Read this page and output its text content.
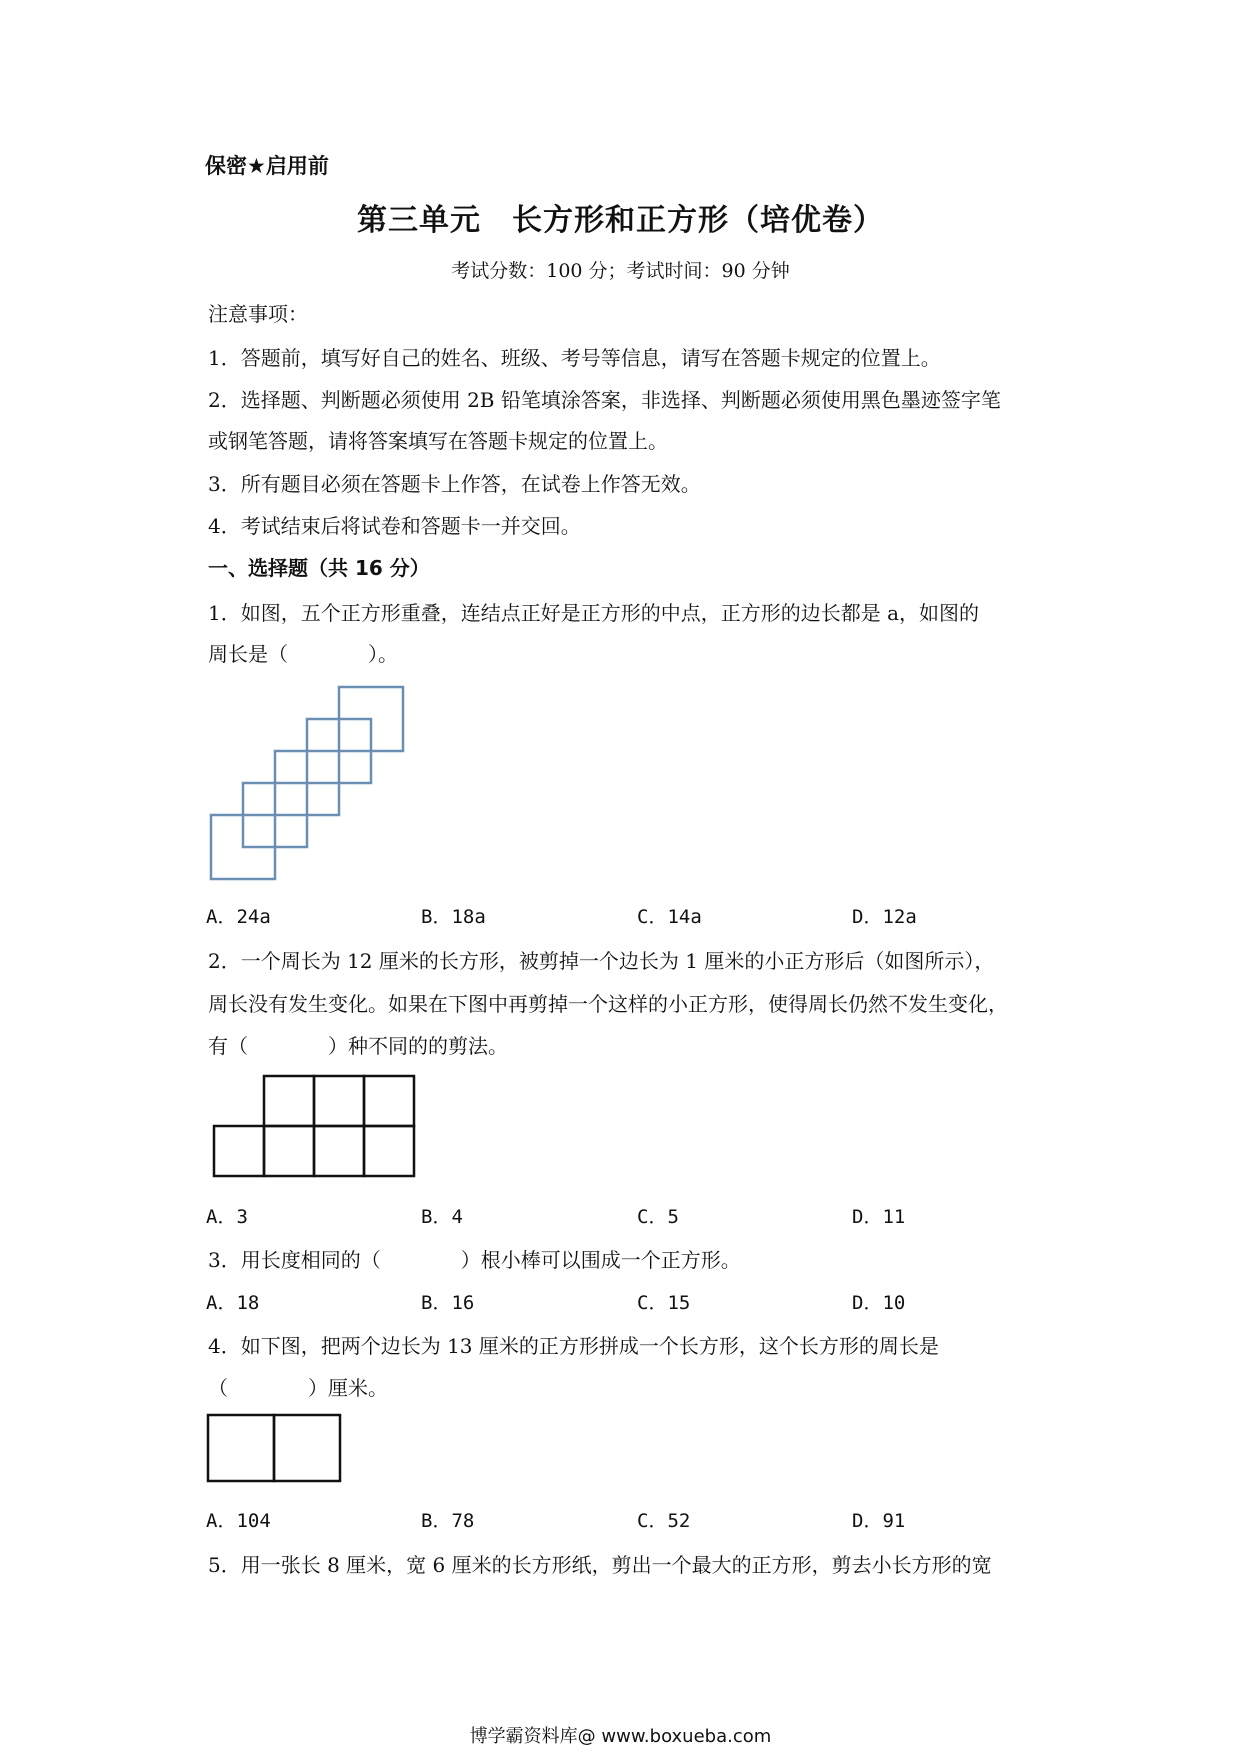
保密★启用前
第三单元　长方形和正方形（培优卷）
考试分数：100 分；考试时间：90 分钟
注意事项：
1．答题前，填写好自己的姓名、班级、考号等信息，请写在答题卡规定的位置上。
2．选择题、判断题必须使用 2B 铅笔填涂答案，非选择、判断题必须使用黑色墨迹签字笔
或钢笔答题，请将答案填写在答题卡规定的位置上。
3．所有题目必须在答题卡上作答，在试卷上作答无效。
4．考试结束后将试卷和答题卡一并交回。
一、选择题（共 16 分）
1．如图，五个正方形重叠，连结点正好是正方形的中点，正方形的边长都是 a，如图的
周长是（　　　　）。
A．24a	B．18a	C．14a	D．12a
2．一个周长为 12 厘米的长方形，被剪掉一个边长为 1 厘米的小正方形后（如图所示），
周长没有发生变化。如果在下图中再剪掉一个这样的小正方形，使得周长仍然不发生变化，
有（　　　　）种不同的的剪法。
A．3	B．4	C．5	D．11
3．用长度相同的（　　　　）根小棒可以围成一个正方形。
A．18	B．16	C．15	D．10
4．如下图，把两个边长为 13 厘米的正方形拼成一个长方形，这个长方形的周长是
（　　　　）厘米。
A．104	B．78	C．52	D．91
5．用一张长 8 厘米，宽 6 厘米的长方形纸，剪出一个最大的正方形，剪去小长方形的宽
博学霸资料库@ www.boxueba.com
